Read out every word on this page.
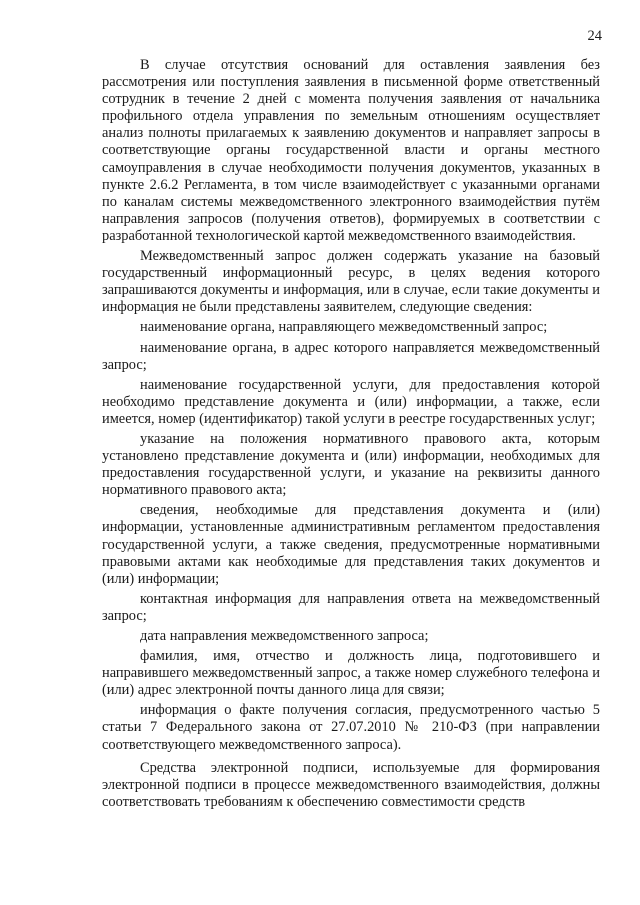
24

В случае отсутствия оснований для оставления заявления без рассмотрения или поступления заявления в письменной форме ответственный сотрудник в течение 2 дней с момента получения заявления от начальника профильного отдела управления по земельным отношениям осуществляет анализ полноты прилагаемых к заявлению документов и направляет запросы в соответствующие органы государственной власти и органы местного самоуправления в случае необходимости получения документов, указанных в пункте 2.6.2 Регламента, в том числе взаимодействует с указанными органами по каналам системы межведомственного электронного взаимодействия путём направления запросов (получения ответов), формируемых в соответствии с разработанной технологической картой межведомственного взаимодействия.

Межведомственный запрос должен содержать указание на базовый государственный информационный ресурс, в целях ведения которого запрашиваются документы и информация, или в случае, если такие документы и информация не были представлены заявителем, следующие сведения:

наименование органа, направляющего межведомственный запрос;

наименование органа, в адрес которого направляется межведомственный запрос;

наименование государственной услуги, для предоставления которой необходимо представление документа и (или) информации, а также, если имеется, номер (идентификатор) такой услуги в реестре государственных услуг;

указание на положения нормативного правового акта, которым установлено представление документа и (или) информации, необходимых для предоставления государственной услуги, и указание на реквизиты данного нормативного правового акта;

сведения, необходимые для представления документа и (или) информации, установленные административным регламентом предоставления государственной услуги, а также сведения, предусмотренные нормативными правовыми актами как необходимые для представления таких документов и (или) информации;

контактная информация для направления ответа на межведомственный запрос;

дата направления межведомственного запроса;

фамилия, имя, отчество и должность лица, подготовившего и направившего межведомственный запрос, а также номер служебного телефона и (или) адрес электронной почты данного лица для связи;

информация о факте получения согласия, предусмотренного частью 5 статьи 7 Федерального закона от 27.07.2010 № 210-ФЗ (при направлении соответствующего межведомственного запроса).

Средства электронной подписи, используемые для формирования электронной подписи в процессе межведомственного взаимодействия, должны соответствовать требованиям к обеспечению совместимости средств
